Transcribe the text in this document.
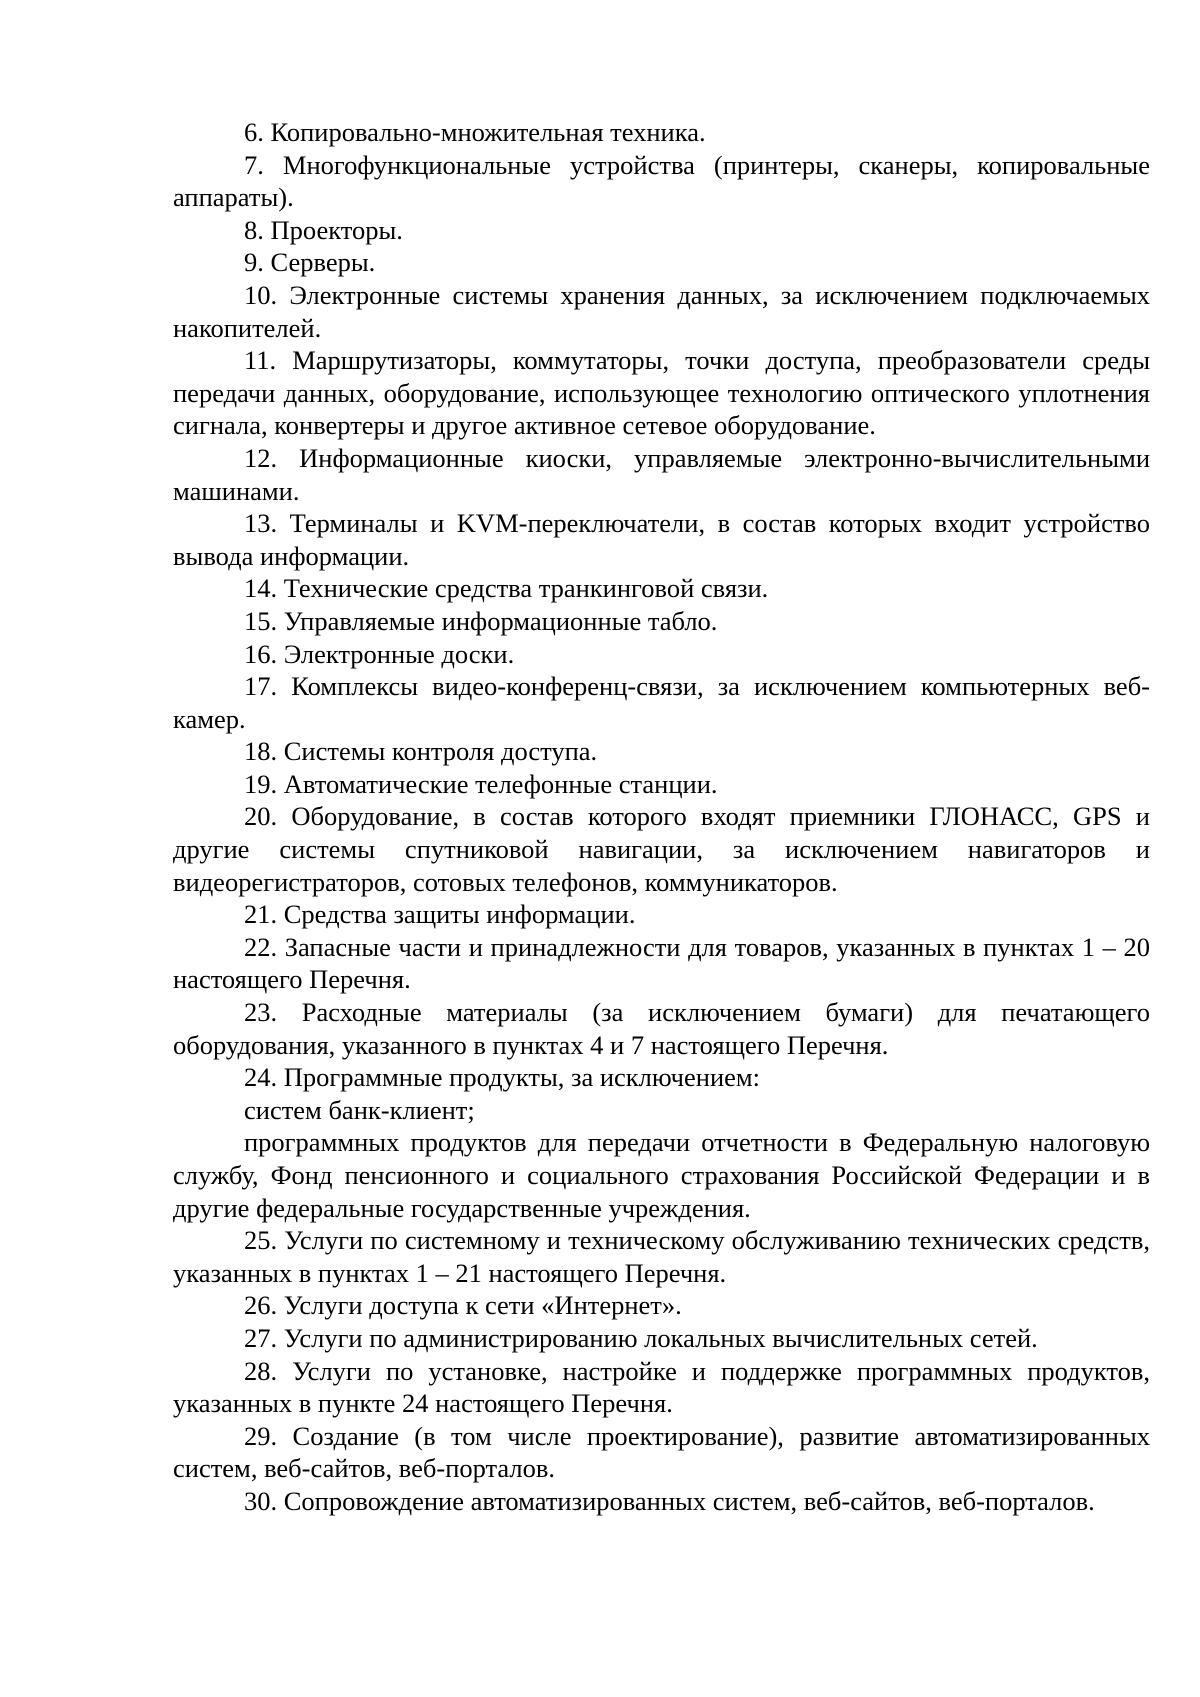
6. Копировально-множительная техника.

7. Многофункциональные устройства (принтеры, сканеры, копировальные аппараты).

8. Проекторы.

9. Серверы.

10. Электронные системы хранения данных, за исключением подключаемых накопителей.

11. Маршрутизаторы, коммутаторы, точки доступа, преобразователи среды передачи данных, оборудование, использующее технологию оптического уплотнения сигнала, конвертеры и другое активное сетевое оборудование.

12. Информационные киоски, управляемые электронно-вычислительными машинами.

13. Терминалы и KVM-переключатели, в состав которых входит устройство вывода информации.

14. Технические средства транкинговой связи.

15. Управляемые информационные табло.

16. Электронные доски.

17. Комплексы видео-конференц-связи, за исключением компьютерных веб-камер.

18. Системы контроля доступа.

19. Автоматические телефонные станции.

20. Оборудование, в состав которого входят приемники ГЛОНАСС, GPS и другие системы спутниковой навигации, за исключением навигаторов и видеорегистраторов, сотовых телефонов, коммуникаторов.

21. Средства защиты информации.

22. Запасные части и принадлежности для товаров, указанных в пунктах 1 – 20 настоящего Перечня.

23. Расходные материалы (за исключением бумаги) для печатающего оборудования, указанного в пунктах 4 и 7 настоящего Перечня.

24. Программные продукты, за исключением:

систем банк-клиент;

программных продуктов для передачи отчетности в Федеральную налоговую службу, Фонд пенсионного и социального страхования Российской Федерации и в другие федеральные государственные учреждения.

25. Услуги по системному и техническому обслуживанию технических средств, указанных в пунктах 1 – 21 настоящего Перечня.

26. Услуги доступа к сети «Интернет».

27. Услуги по администрированию локальных вычислительных сетей.

28. Услуги по установке, настройке и поддержке программных продуктов, указанных в пункте 24 настоящего Перечня.

29. Создание (в том числе проектирование), развитие автоматизированных систем, веб-сайтов, веб-порталов.

30. Сопровождение автоматизированных систем, веб-сайтов, веб-порталов.
